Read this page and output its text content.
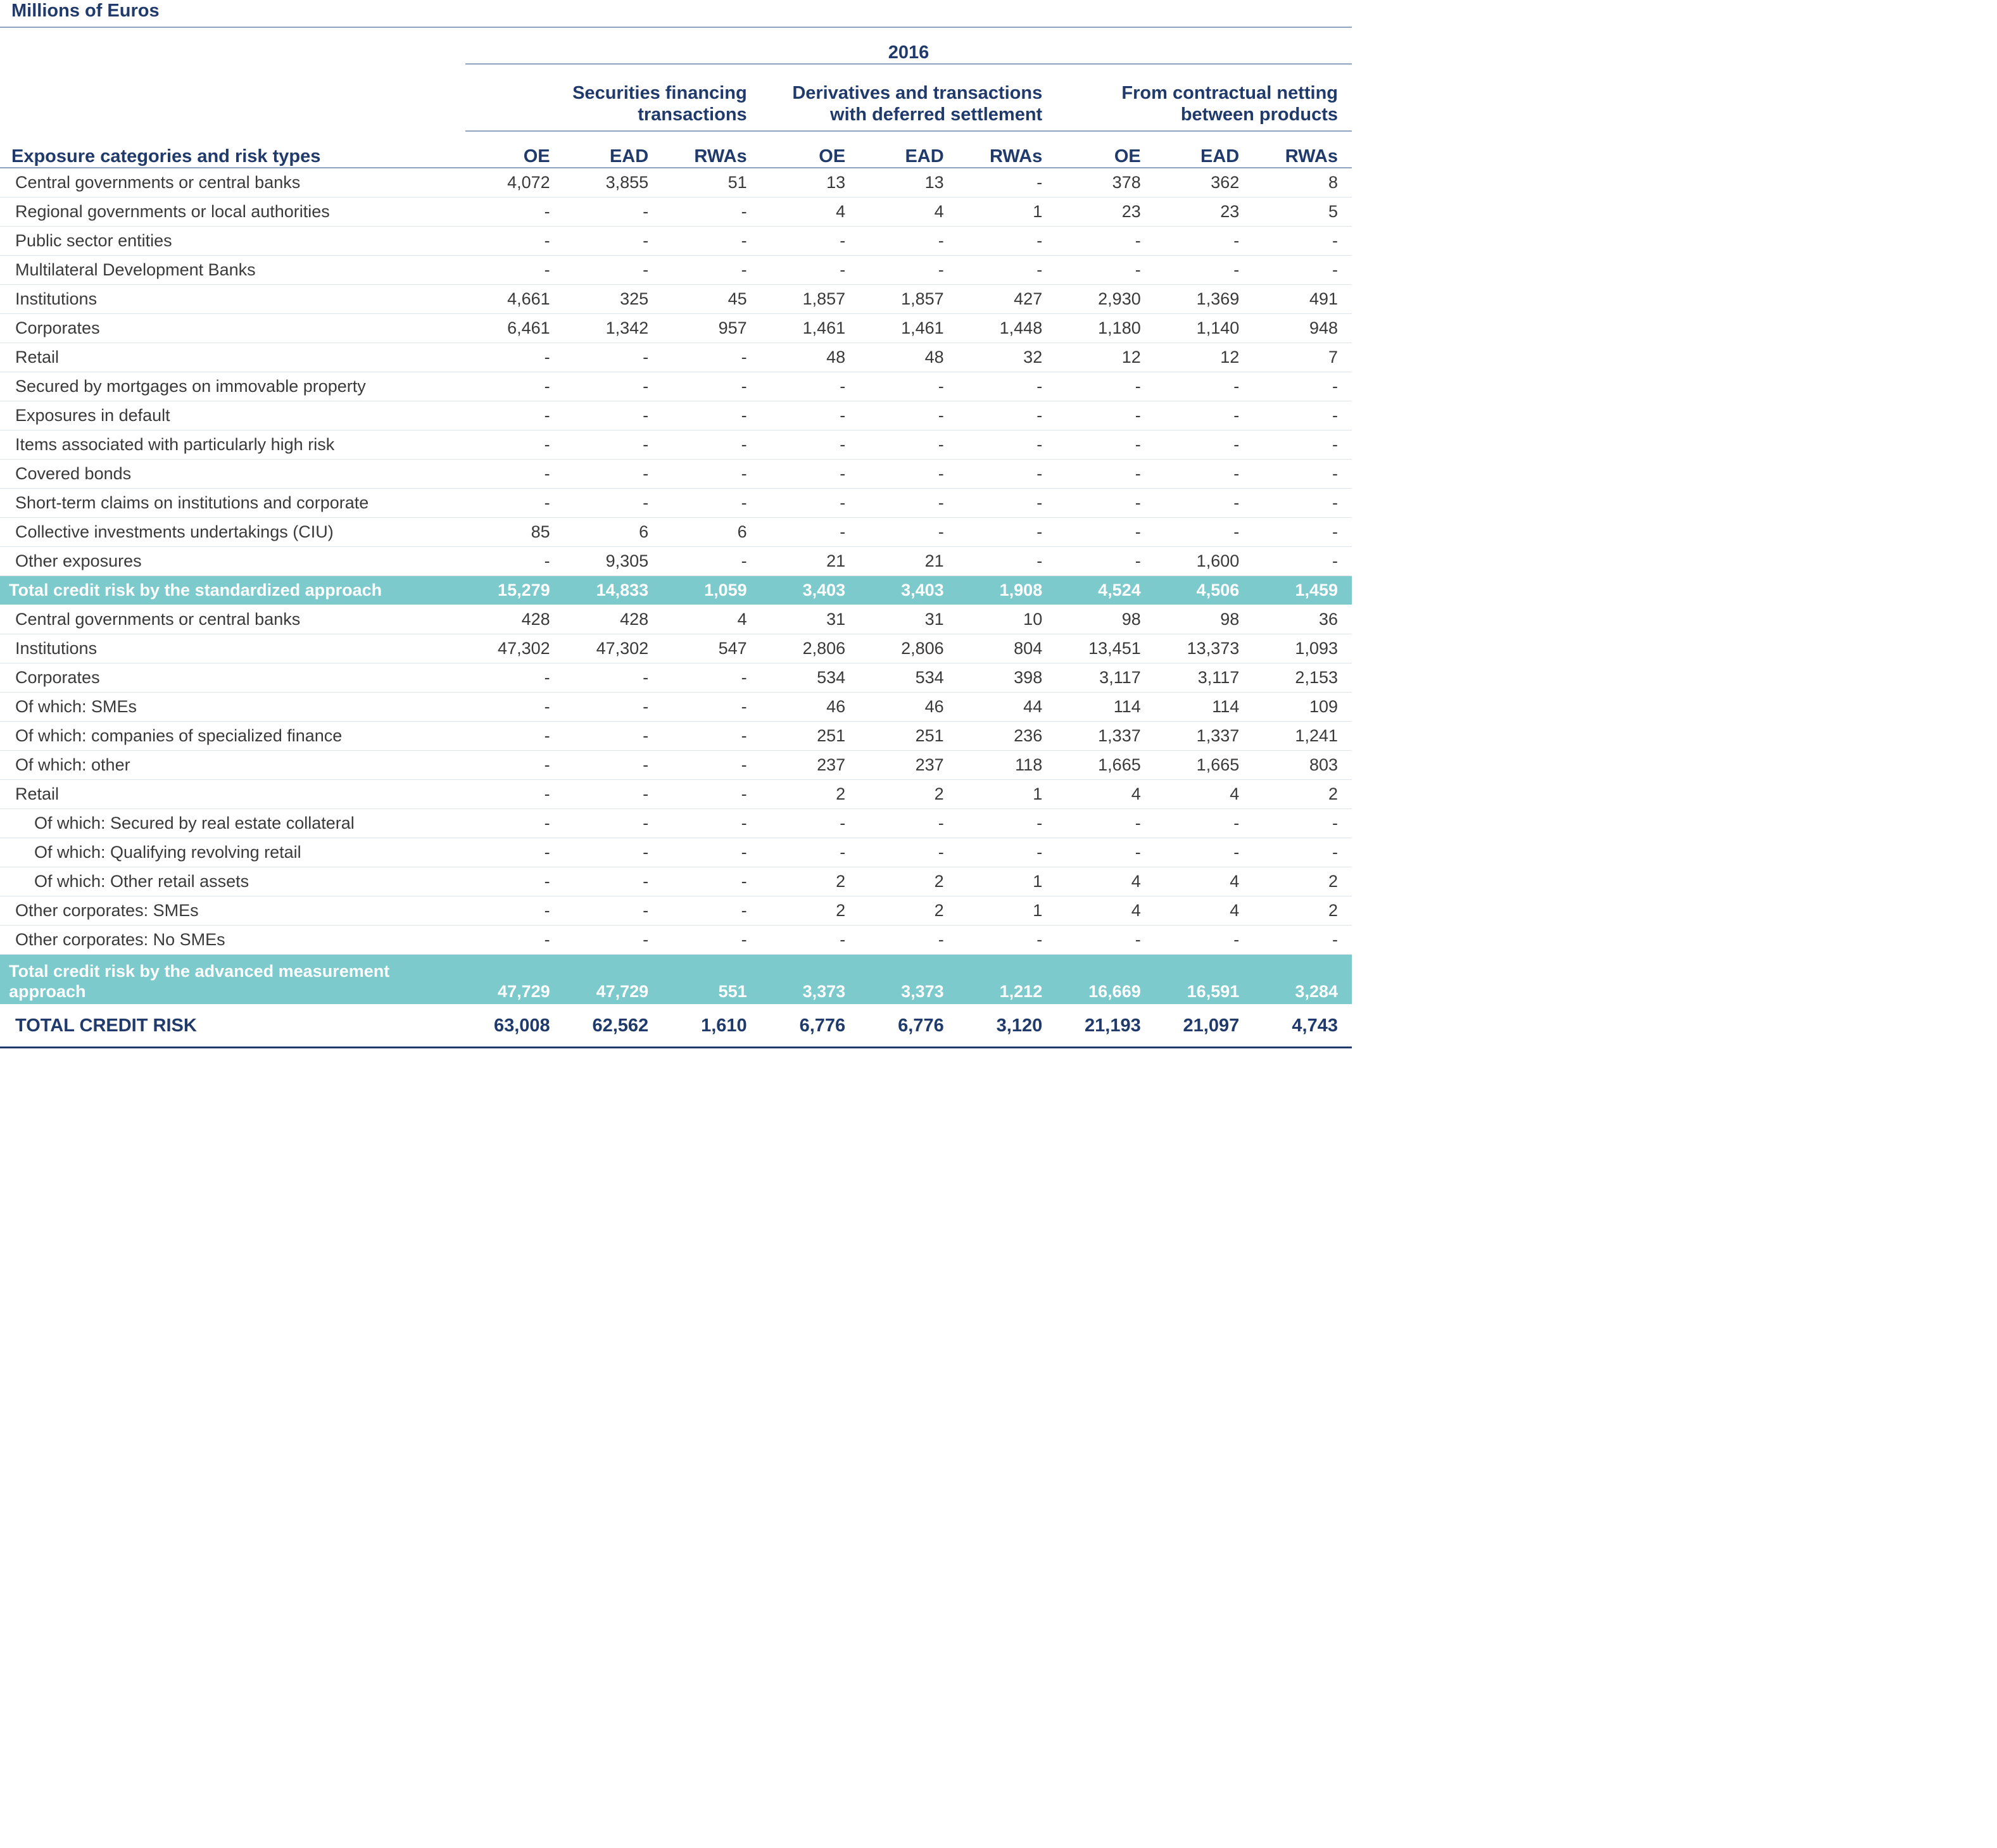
Millions of Euros
	2016								
	Securities financing
transactions			Derivatives and transactions
with deferred settlement			From contractual netting
between products		
Exposure categories and risk types	OE	EAD	RWAs	OE	EAD	RWAs	OE	EAD	RWAs
Central governments or central banks	4,072	3,855	51	13	13	-	378	362	8
Regional governments or local authorities	-	-	-	4	4	1	23	23	5
Public sector entities	-	-	-	-	-	-	-	-	-
Multilateral Development Banks	-	-	-	-	-	-	-	-	-
Institutions	4,661	325	45	1,857	1,857	427	2,930	1,369	491
Corporates	6,461	1,342	957	1,461	1,461	1,448	1,180	1,140	948
Retail	-	-	-	48	48	32	12	12	7
Secured by mortgages on immovable property	-	-	-	-	-	-	-	-	-
Exposures in default	-	-	-	-	-	-	-	-	-
Items associated with particularly high risk	-	-	-	-	-	-	-	-	-
Covered bonds	-	-	-	-	-	-	-	-	-
Short-term claims on institutions and corporate	-	-	-	-	-	-	-	-	-
Collective investments undertakings (CIU)	85	6	6	-	-	-	-	-	-
Other exposures	-	9,305	-	21	21	-	-	1,600	-
Total credit risk by the standardized approach	15,279	14,833	1,059	3,403	3,403	1,908	4,524	4,506	1,459
Central governments or central banks	428	428	4	31	31	10	98	98	36
Institutions	47,302	47,302	547	2,806	2,806	804	13,451	13,373	1,093
Corporates	-	-	-	534	534	398	3,117	3,117	2,153
Of which: SMEs	-	-	-	46	46	44	114	114	109
Of which: companies of specialized finance	-	-	-	251	251	236	1,337	1,337	1,241
Of which: other	-	-	-	237	237	118	1,665	1,665	803
Retail	-	-	-	2	2	1	4	4	2
Of which: Secured by real estate collateral	-	-	-	-	-	-	-	-	-
Of which: Qualifying revolving retail	-	-	-	-	-	-	-	-	-
Of which: Other retail assets	-	-	-	2	2	1	4	4	2
Other corporates: SMEs	-	-	-	2	2	1	4	4	2
Other corporates: No SMEs	-	-	-	-	-	-	-	-	-
Total credit risk by the advanced measurement approach	47,729	47,729	551	3,373	3,373	1,212	16,669	16,591	3,284
TOTAL CREDIT RISK	63,008	62,562	1,610	6,776	6,776	3,120	21,193	21,097	4,743
